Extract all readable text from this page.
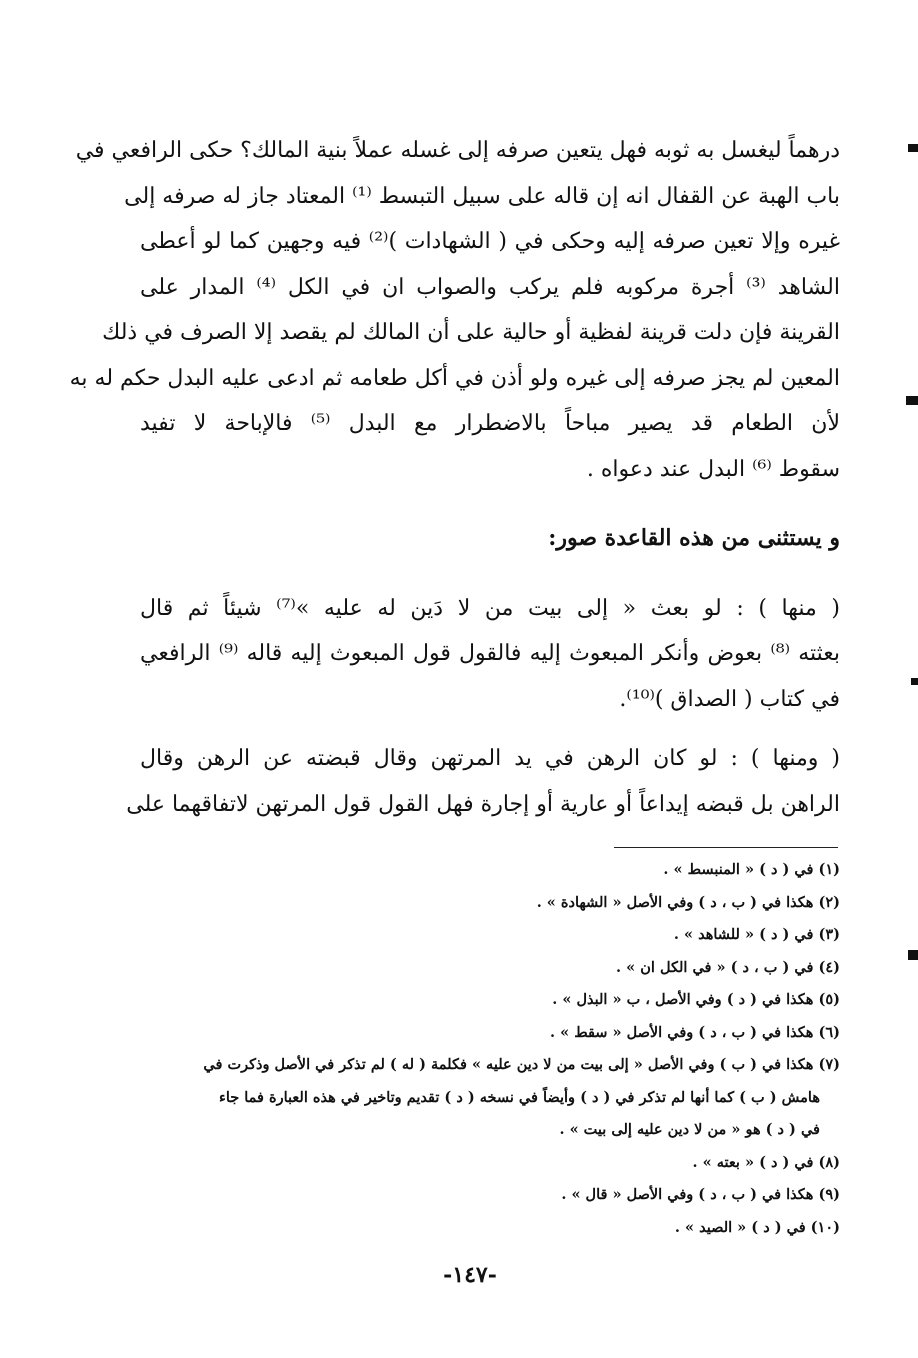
درهماً ليغسل به ثوبه فهل يتعين صرفه إلى غسله عملاً بنية المالك؟ حكى الرافعي في
باب الهبة عن القفال انه إن قاله على سبيل التبسط ⁽¹⁾ المعتاد جاز له صرفه إلى
غيره وإلا تعين صرفه إليه وحكى في ( الشهادات )⁽²⁾ فيه وجهين كما لو أعطى
الشاهد ⁽³⁾ أجرة مركوبه فلم يركب والصواب ان في الكل ⁽⁴⁾ المدار على
القرينة فإن دلت قرينة لفظية أو حالية على أن المالك لم يقصد إلا الصرف في ذلك
المعين لم يجز صرفه إلى غيره ولو أذن في أكل طعامه ثم ادعى عليه البدل حكم له به
لأن الطعام قد يصير مباحاً بالاضطرار مع البدل ⁽⁵⁾ فالإباحة لا تفيد
سقوط ⁽⁶⁾ البدل عند دعواه .

و يستثنى من هذه القاعدة صور:

( منها ) : لو بعث « إلى بيت من لا دَين له عليه »⁽⁷⁾ شيئاً ثم قال
بعثته ⁽⁸⁾ بعوض وأنكر المبعوث إليه فالقول قول المبعوث إليه قاله ⁽⁹⁾ الرافعي
في كتاب ( الصداق )⁽¹⁰⁾.

( ومنها ) : لو كان الرهن في يد المرتهن وقال قبضته عن الرهن وقال
الراهن بل قبضه إيداعاً أو عارية أو إجارة فهل القول قول المرتهن لاتفاقهما على

(١) في ( د ) « المنبسط » .
(٢) هكذا في ( ب ، د ) وفي الأصل « الشهادة » .
(٣) في ( د ) « للشاهد » .
(٤) في ( ب ، د ) « في الكل ان » .
(٥) هكذا في ( د ) وفي الأصل ، ب « البذل » .
(٦) هكذا في ( ب ، د ) وفي الأصل « سقط » .
(٧) هكذا في ( ب ) وفي الأصل « إلى بيت من لا دين عليه » فكلمة ( له ) لم تذكر في الأصل وذكرت في
هامش ( ب ) كما أنها لم تذكر في ( د ) وأيضاً في نسخه ( د ) تقديم وتاخير في هذه العبارة فما جاء
في ( د ) هو « من لا دين عليه إلى بيت » .
(٨) في ( د ) « بعته » .
(٩) هكذا في ( ب ، د ) وفي الأصل « قال » .
(١٠) في ( د ) « الصيد » .
-١٤٧-
